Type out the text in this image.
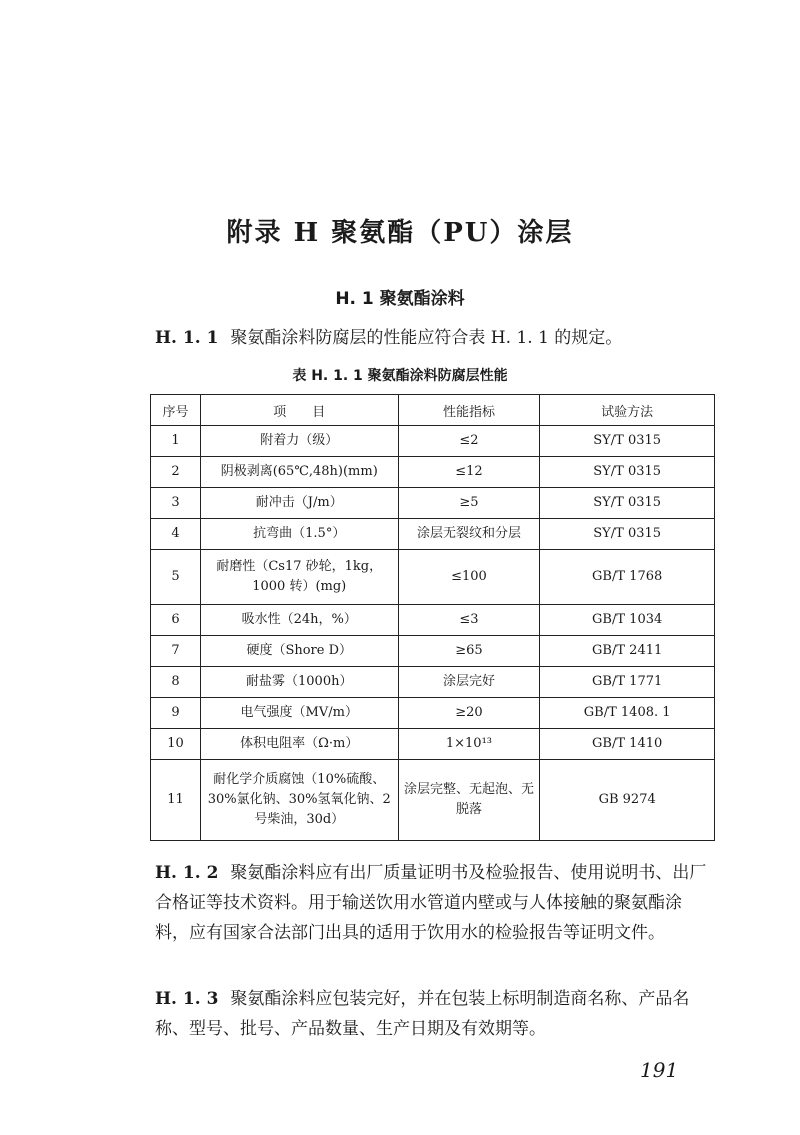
附录 H 聚氨酯（PU）涂层
H. 1 聚氨酯涂料
H. 1. 1 聚氨酯涂料防腐层的性能应符合表 H. 1. 1 的规定。
表 H. 1. 1 聚氨酯涂料防腐层性能
序号	项　　目	性能指标	试验方法
1	附着力（级）	≤2	SY/T 0315
2	阴极剥离(65℃,48h)(mm)	≤12	SY/T 0315
3	耐冲击（J/m）	≥5	SY/T 0315
4	抗弯曲（1.5°）	涂层无裂纹和分层	SY/T 0315
5	耐磨性（Cs17 砂轮，1kg，1000 转）(mg)	≤100	GB/T 1768
6	吸水性（24h，%）	≤3	GB/T 1034
7	硬度（Shore D）	≥65	GB/T 2411
8	耐盐雾（1000h）	涂层完好	GB/T 1771
9	电气强度（MV/m）	≥20	GB/T 1408. 1
10	体积电阻率（Ω·m）	1×10¹³	GB/T 1410
11	耐化学介质腐蚀（10%硫酸、30%氯化钠、30%氢氧化钠、2 号柴油，30d）	涂层完整、无起泡、无脱落	GB 9274
H. 1. 2 聚氨酯涂料应有出厂质量证明书及检验报告、使用说明书、出厂合格证等技术资料。用于输送饮用水管道内壁或与人体接触的聚氨酯涂料，应有国家合法部门出具的适用于饮用水的检验报告等证明文件。
H. 1. 3 聚氨酯涂料应包装完好，并在包装上标明制造商名称、产品名称、型号、批号、产品数量、生产日期及有效期等。
191
